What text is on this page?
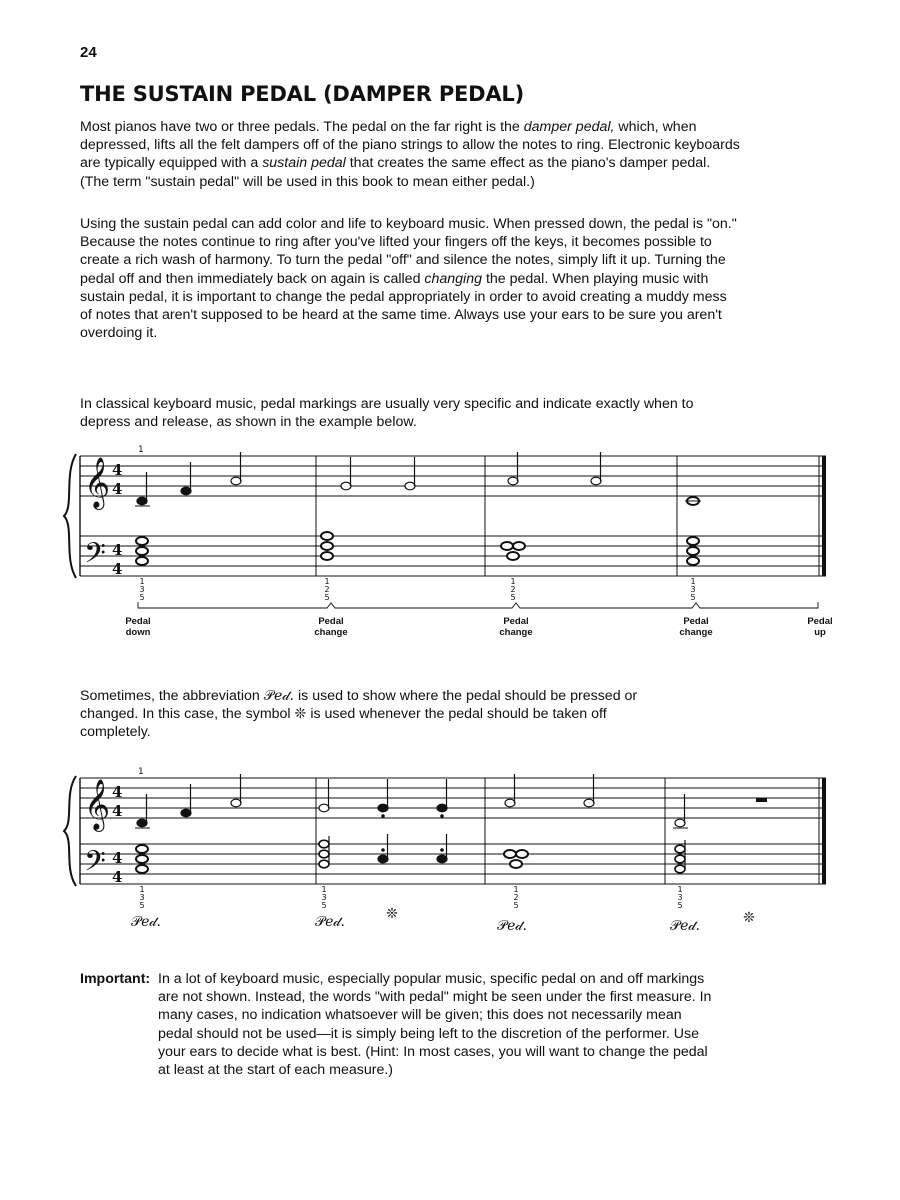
24
THE SUSTAIN PEDAL (DAMPER PEDAL)

Most pianos have two or three pedals. The pedal on the far right is the damper pedal, which, when depressed, lifts all the felt dampers off of the piano strings to allow the notes to ring. Electronic keyboards are typically equipped with a sustain pedal that creates the same effect as the piano's damper pedal. (The term "sustain pedal" will be used in this book to mean either pedal.)

Using the sustain pedal can add color and life to keyboard music. When pressed down, the pedal is "on." Because the notes continue to ring after you've lifted your fingers off the keys, it becomes possible to create a rich wash of harmony. To turn the pedal "off" and silence the notes, simply lift it up. Turning the pedal off and then immediately back on again is called changing the pedal. When playing music with sustain pedal, it is important to change the pedal appropriately in order to avoid creating a muddy mess of notes that aren't supposed to be heard at the same time. Always use your ears to be sure you aren't overdoing it.

In classical keyboard music, pedal markings are usually very specific and indicate exactly when to depress and release, as shown in the example below.

𝄞
𝄢
4
4
4
4
1
1
3
5
1
2
5
1
2
5
1
3
5
Pedal
down
Pedal
change
Pedal
change
Pedal
change
Pedal
up

Sometimes, the abbreviation 𝒫𝑒𝒹. is used to show where the pedal should be pressed or changed. In this case, the symbol ❊ is used whenever the pedal should be taken off completely.

𝄞
𝄢
4
4
4
4
1
1
3
5
1
3
5
1
2
5
1
3
5
𝒫𝑒𝒹.	𝒫𝑒𝒹.	❊
𝒫𝑒𝒹.	𝒫𝑒𝒹.	❊
Important: In a lot of keyboard music, especially popular music, specific pedal on and off markings are not shown. Instead, the words "with pedal" might be seen under the first measure. In many cases, no indication whatsoever will be given; this does not necessarily mean pedal should not be used—it is simply being left to the discretion of the performer. Use your ears to decide what is best. (Hint: In most cases, you will want to change the pedal at least at the start of each measure.)
